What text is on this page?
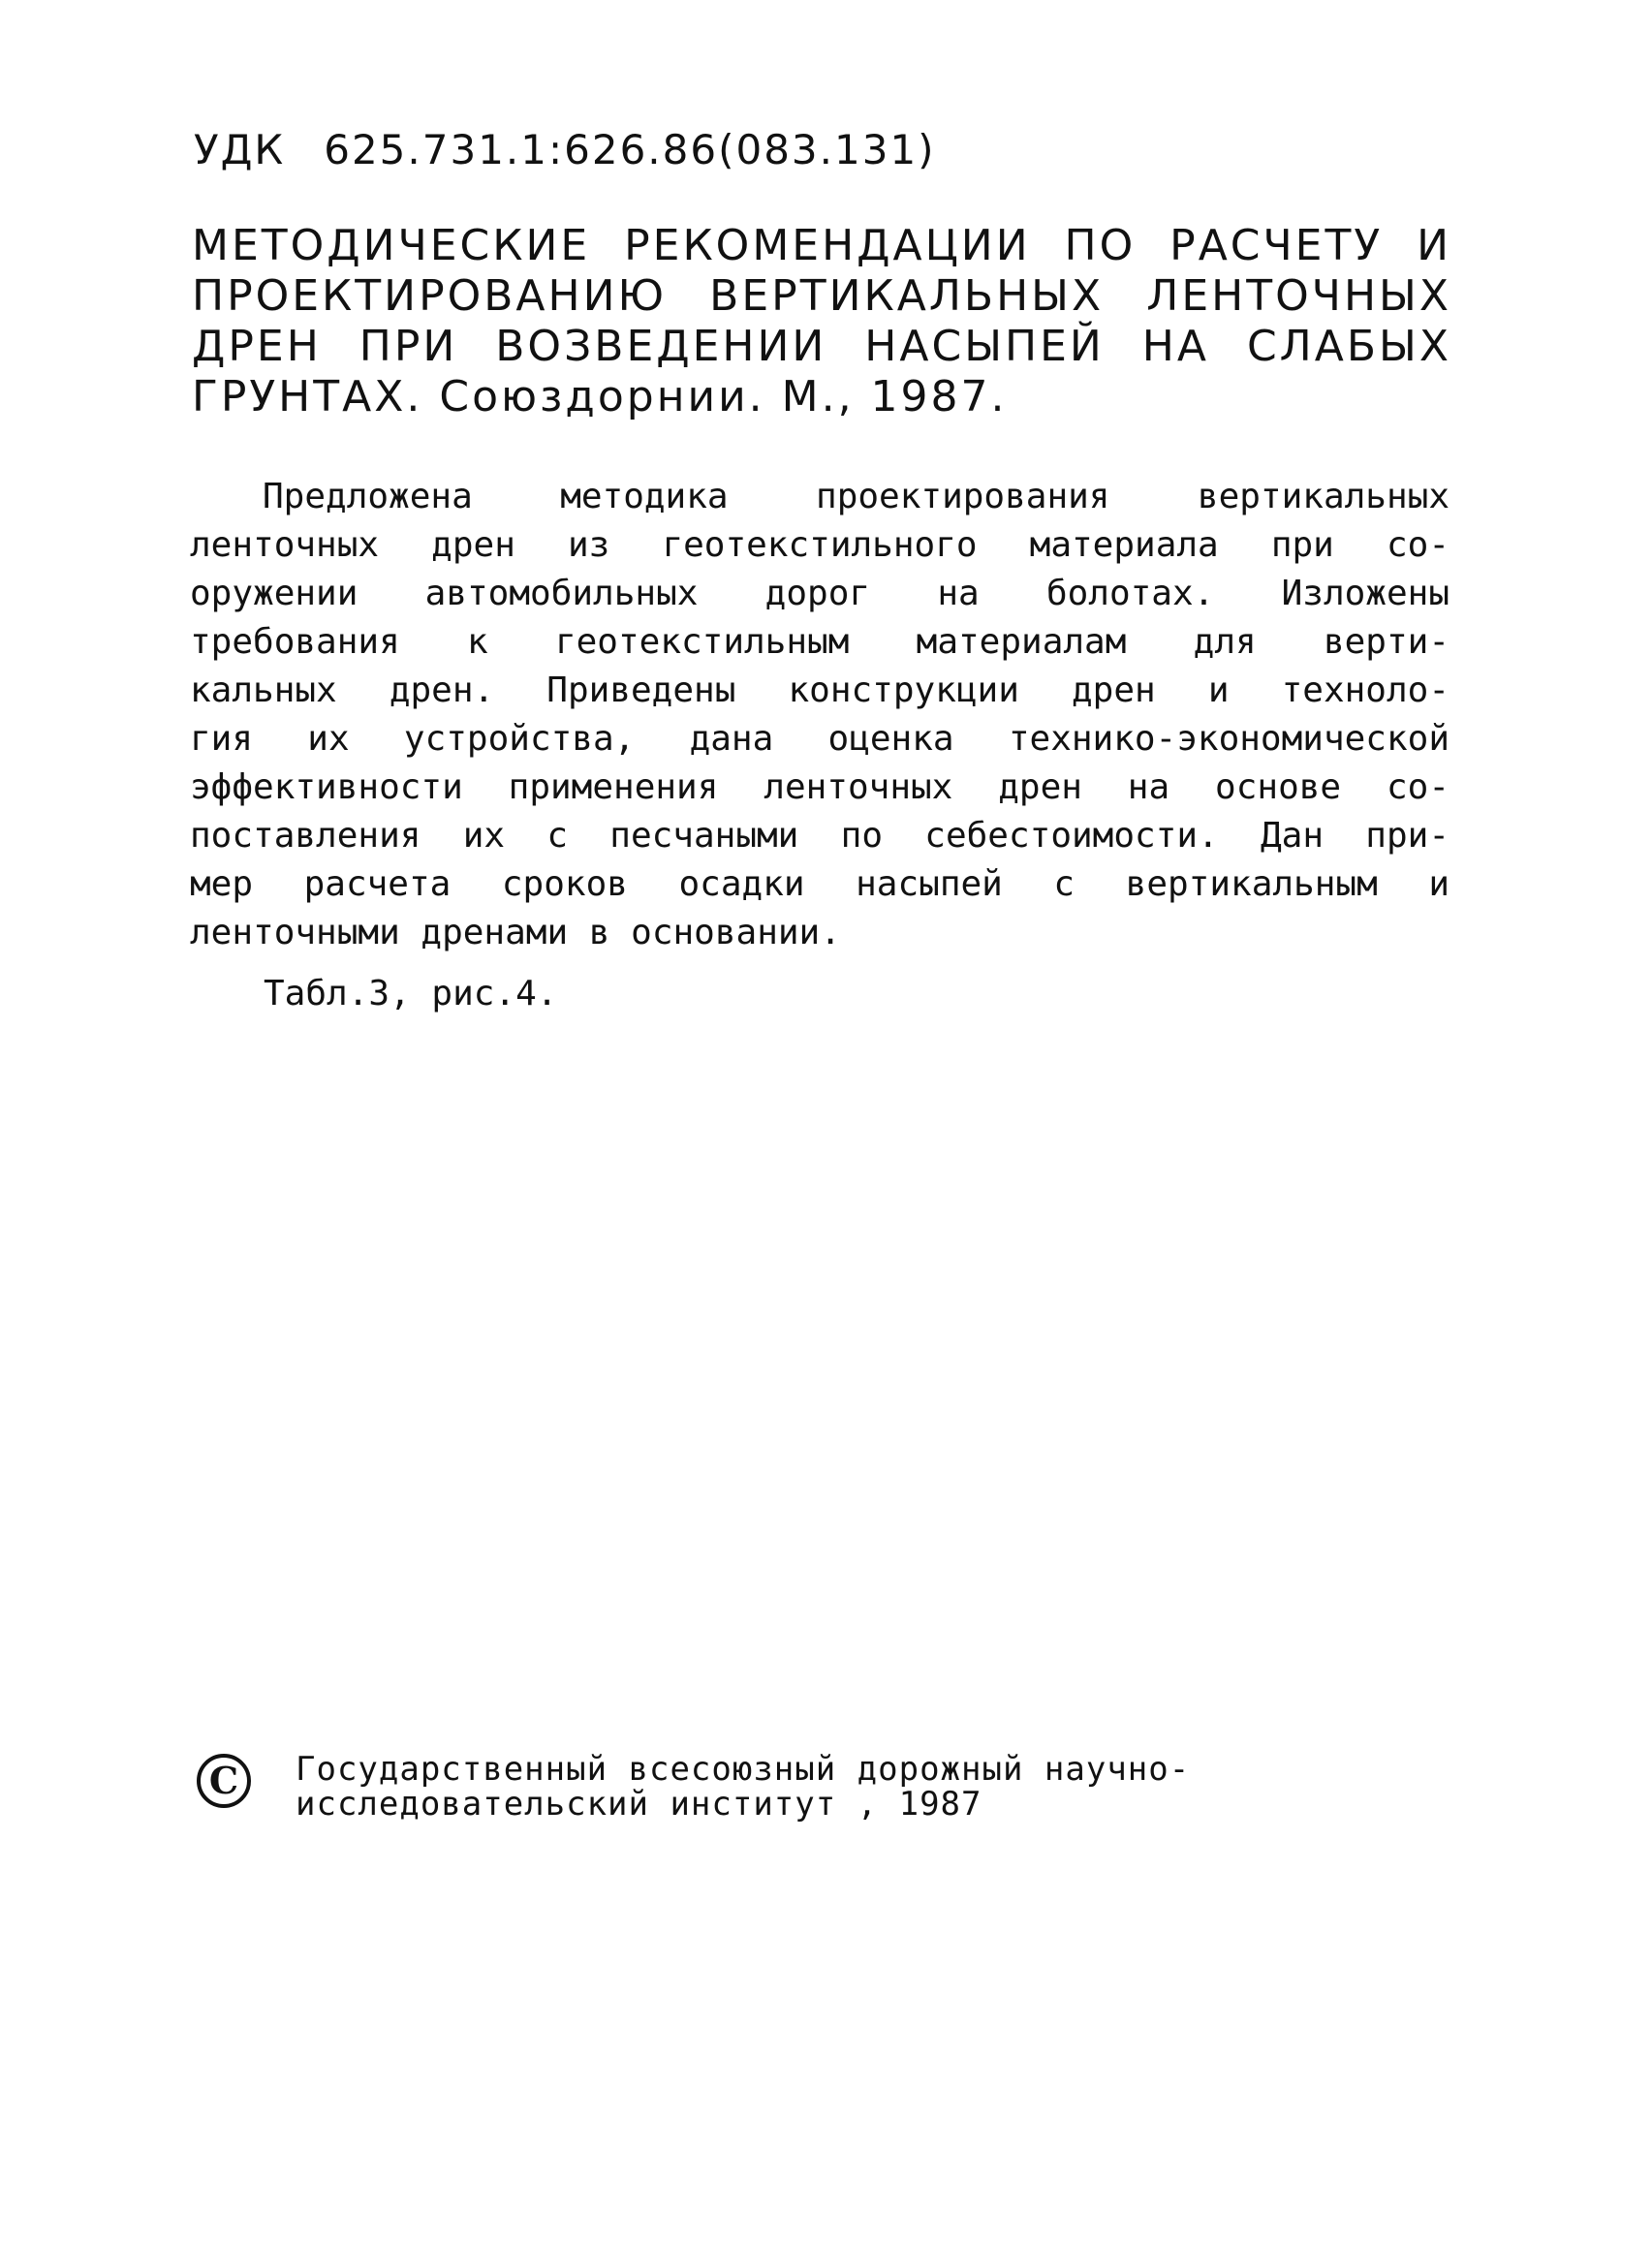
УДК 625.731.1:626.86(083.131)
МЕТОДИЧЕСКИЕ РЕКОМЕНДАЦИИ ПО РАСЧЕТУ И
ПРОЕКТИРОВАНИЮ ВЕРТИКАЛЬНЫХ ЛЕНТОЧНЫХ
ДРЕН ПРИ ВОЗВЕДЕНИИ НАСЫПЕЙ НА СЛАБЫХ
ГРУНТАХ. Союздорнии. М., 1987.
Предложена методика проектирования вертикальных
ленточных дрен из геотекстильного материала при со-
оружении автомобильных дорог на болотах. Изложены
требования к геотекстильным материалам для верти-
кальных дрен. Приведены конструкции дрен и техноло-
гия их устройства, дана оценка технико-экономической
эффективности применения ленточных дрен на основе со-
поставления их с песчаными по себестоимости. Дан при-
мер расчета сроков осадки насыпей с вертикальным и
ленточными дренами в основании.
Табл.3, рис.4.
C	Государственный всесоюзный дорожный научно-
исследовательский институт , 1987
